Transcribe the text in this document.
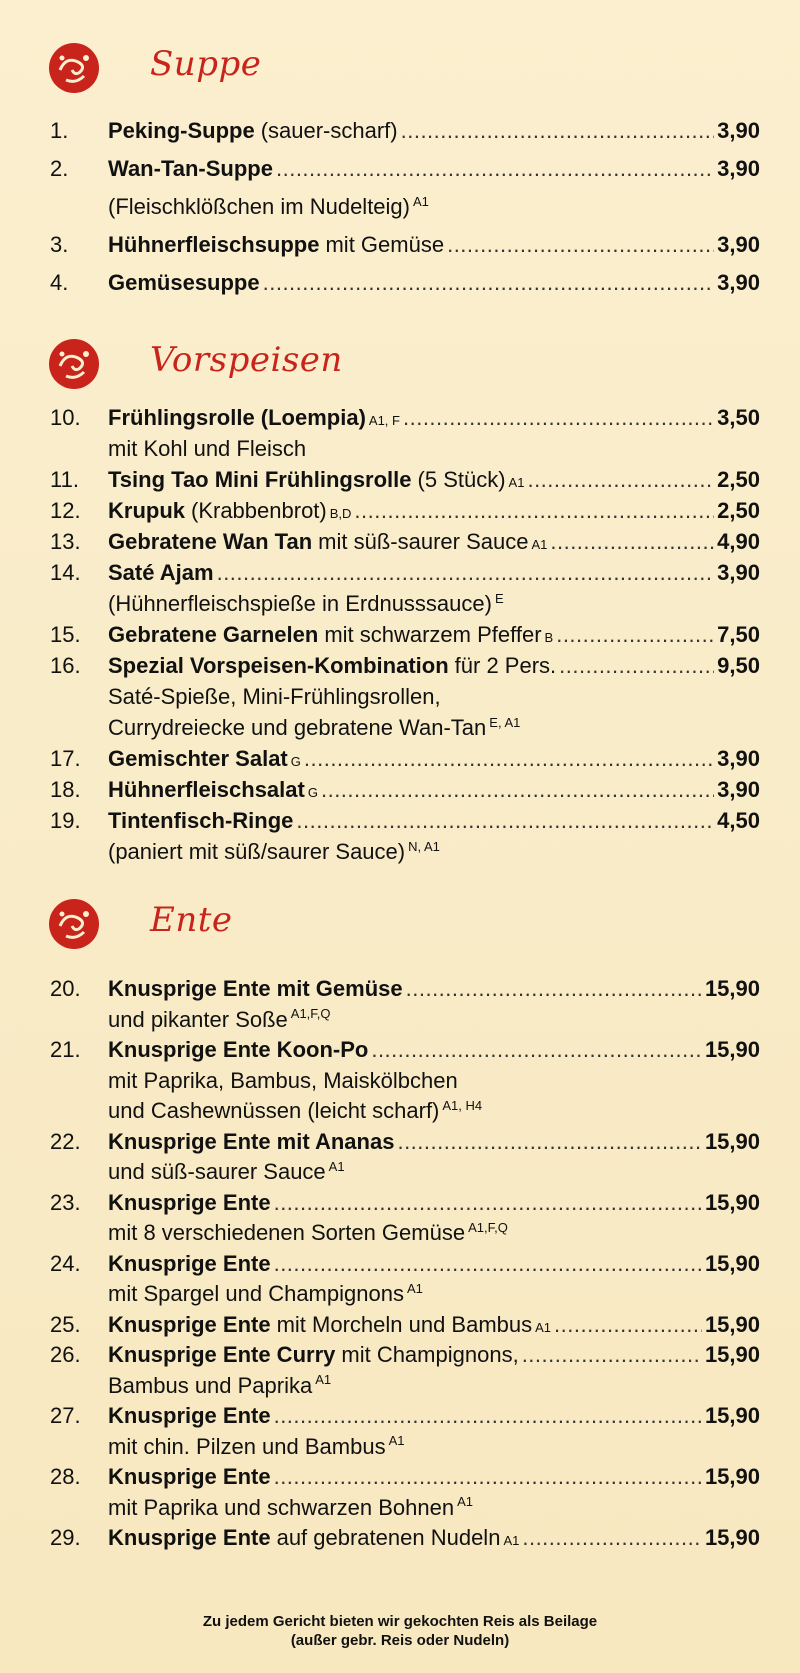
Suppe
1.	Peking-Suppe (sauer-scharf) .....	3,90
2.	Wan-Tan-Suppe .....	3,90
(Fleischklößchen im Nudelteig) $^{A1}$
3.	Hühnerfleischsuppe mit Gemüse .....	3,90
4.	Gemüsesuppe .....	3,90
Vorspeisen
10.	Frühlingsrolle (Loempia) A1, F .....	3,50
mit Kohl und Fleisch
11.	Tsing Tao Mini Frühlingsrolle (5 Stück) A1 .....	2,50
12.	Krupuk (Krabbenbrot) B,D .....	2,50
13.	Gebratene Wan Tan mit süß-saurer Sauce A1 .....	4,90
14.	Saté Ajam .....	3,90
(Hühnerfleischspieße in Erdnusssauce) $^E$
15.	Gebratene Garnelen mit schwarzem Pfeffer B .....	7,50
16.	Spezial Vorspeisen-Kombination für 2 Pers. .....	9,50
Saté-Spieße, Mini-Frühlingsrollen,
Currydreiecke und gebratene Wan-Tan $^{E, A1}$
17.	Gemischter Salat G .....	3,90
18.	Hühnerfleischsalat G .....	3,90
19.	Tintenfisch-Ringe .....	4,50
(paniert mit süß/saurer Sauce) $^{N, A1}$
Ente
20.	Knusprige Ente mit Gemüse .....	15,90
und pikanter Soße $^{A1,F,Q}$
21.	Knusprige Ente Koon-Po .....	15,90
mit Paprika, Bambus, Maiskölbchen
und Cashewnüssen (leicht scharf) $^{A1, H4}$
22.	Knusprige Ente mit Ananas .....	15,90
und süß-saurer Sauce $^{A1}$
23.	Knusprige Ente .....	15,90
mit 8 verschiedenen Sorten Gemüse $^{A1,F,Q}$
24.	Knusprige Ente .....	15,90
mit Spargel und Champignons $^{A1}$
25.	Knusprige Ente mit Morcheln und Bambus A1 .....	15,90
26.	Knusprige Ente Curry mit Champignons, .....	15,90
Bambus und Paprika $^{A1}$
27.	Knusprige Ente .....	15,90
mit chin. Pilzen und Bambus $^{A1}$
28.	Knusprige Ente .....	15,90
mit Paprika und schwarzen Bohnen $^{A1}$
29.	Knusprige Ente auf gebratenen Nudeln A1 .....	15,90
Zu jedem Gericht bieten wir gekochten Reis als Beilage
(außer gebr. Reis oder Nudeln)
